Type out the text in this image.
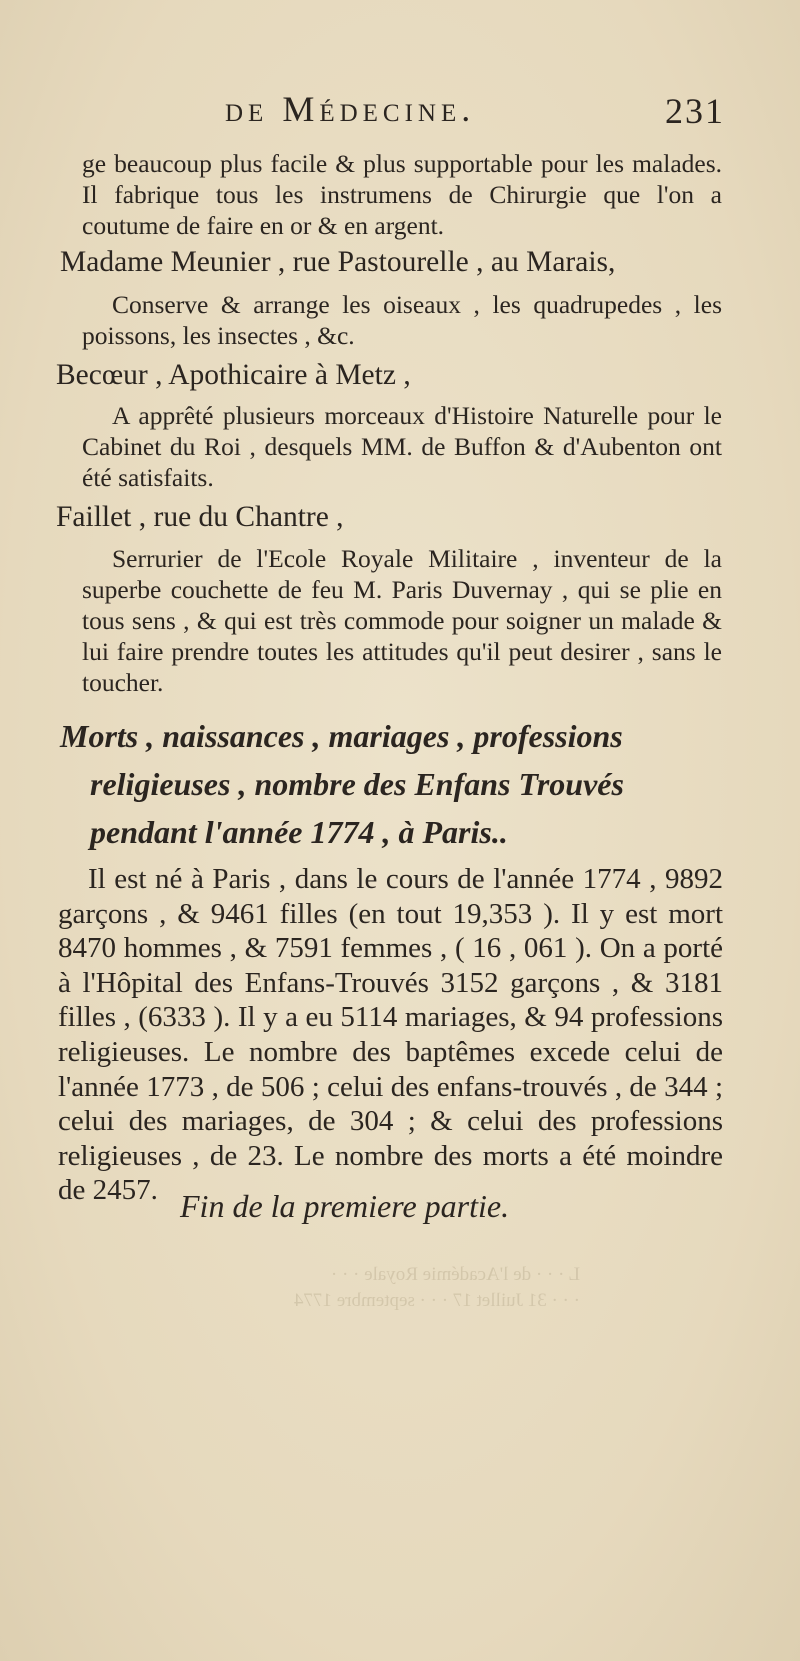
de Médecine.	231

ge beaucoup plus facile & plus supportable pour les malades. Il fabrique tous les instrumens de Chirurgie que l'on a coutume de faire en or & en argent.

Madame Meunier , rue Pastourelle , au Marais,

Conserve & arrange les oiseaux , les quadrupedes , les poissons, les insectes , &c.

Becœur , Apothicaire à Metz ,

A apprêté plusieurs morceaux d'Histoire Naturelle pour le Cabinet du Roi , desquels MM. de Buffon & d'Aubenton ont été satisfaits.

Faillet , rue du Chantre ,

Serrurier de l'Ecole Royale Militaire , inventeur de la superbe couchette de feu M. Paris Duvernay , qui se plie en tous sens , & qui est très commode pour soigner un malade & lui faire prendre toutes les attitudes qu'il peut desirer , sans le toucher.

Morts , naissances , mariages , professions
religieuses , nombre des Enfans Trouvés
pendant l'année 1774 , à Paris..

Il est né à Paris , dans le cours de l'année 1774 , 9892 garçons , & 9461 filles (en tout 19,353 ). Il y est mort 8470 hommes , & 7591 femmes , ( 16 , 061 ). On a porté à l'Hôpital des Enfans-Trouvés 3152 garçons , & 3181 filles , (6333 ). Il y a eu 5114 mariages, & 94 professions religieuses. Le nombre des baptêmes excede celui de l'année 1773 , de 506 ; celui des enfans-trouvés , de 344 ; celui des mariages, de 304 ; & celui des professions religieuses , de 23. Le nombre des morts a été moindre de 2457. Fin de la premiere partie.

L · · · de l'Académie Royale · · ·
· · · 31 Juillet 17 · · · septembre 1774
